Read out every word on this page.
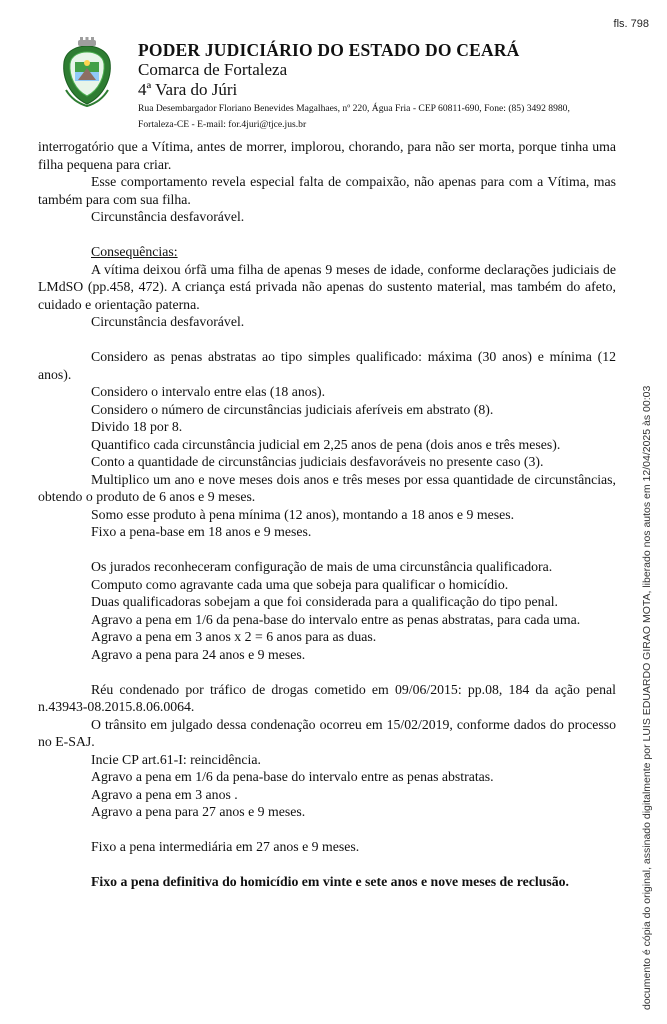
fls. 798
PODER JUDICIÁRIO DO ESTADO DO CEARÁ
Comarca de Fortaleza
4ª Vara do Júri
Rua Desembargador Floriano Benevides Magalhaes, nº 220, Água Fria - CEP 60811-690, Fone: (85) 3492 8980,
Fortaleza-CE - E-mail: for.4juri@tjce.jus.br

interrogatório que a Vítima, antes de morrer, implorou, chorando, para não ser morta, porque tinha uma filha pequena para criar.

Esse comportamento revela especial falta de compaixão, não apenas para com a Vítima, mas também para com sua filha.

Circunstância desfavorável.

Consequências:

A vítima deixou órfã uma filha de apenas 9 meses de idade, conforme declarações judiciais de LMdSO (pp.458, 472). A criança está privada não apenas do sustento material, mas também do afeto, cuidado e orientação paterna.

Circunstância desfavorável.

Considero as penas abstratas ao tipo simples qualificado: máxima (30 anos) e mínima (12 anos).

Considero o intervalo entre elas (18 anos).

Considero o número de circunstâncias judiciais aferíveis em abstrato (8).

Divido 18 por 8.

Quantifico cada circunstância judicial em 2,25 anos de pena (dois anos e três meses).

Conto a quantidade de circunstâncias judiciais desfavoráveis no presente caso (3).

Multiplico um ano e nove meses dois anos e três meses por essa quantidade de circunstâncias, obtendo o produto de 6 anos e 9 meses.

Somo esse produto à pena mínima (12 anos), montando a 18 anos e 9 meses.

Fixo a pena-base em 18 anos e 9 meses.

Os jurados reconheceram configuração de mais de uma circunstância qualificadora.

Computo como agravante cada uma que sobeja para qualificar o homicídio.

Duas qualificadoras sobejam a que foi considerada para a qualificação do tipo penal.

Agravo a pena em 1/6 da pena-base do intervalo entre as penas abstratas, para cada uma.

Agravo a pena em 3 anos x 2 = 6 anos para as duas.

Agravo a pena para 24 anos e 9 meses.

Réu condenado por tráfico de drogas cometido em 09/06/2015: pp.08, 184 da ação penal n.43943-08.2015.8.06.0064.

O trânsito em julgado dessa condenação ocorreu em 15/02/2019, conforme dados do processo no E-SAJ.

Incie CP art.61-I: reincidência.

Agravo a pena em 1/6 da pena-base do intervalo entre as penas abstratas.

Agravo a pena em 3 anos .

Agravo a pena para 27 anos e 9 meses.

Fixo a pena intermediária em 27 anos e 9 meses.

Fixo a pena definitiva do homicídio em vinte e sete anos e nove meses de reclusão.	documento é cópia do original, assinado digitalmente por LUIS EDUARDO GIRAO MOTA, liberado nos autos em 12/04/2025 às 00:03
